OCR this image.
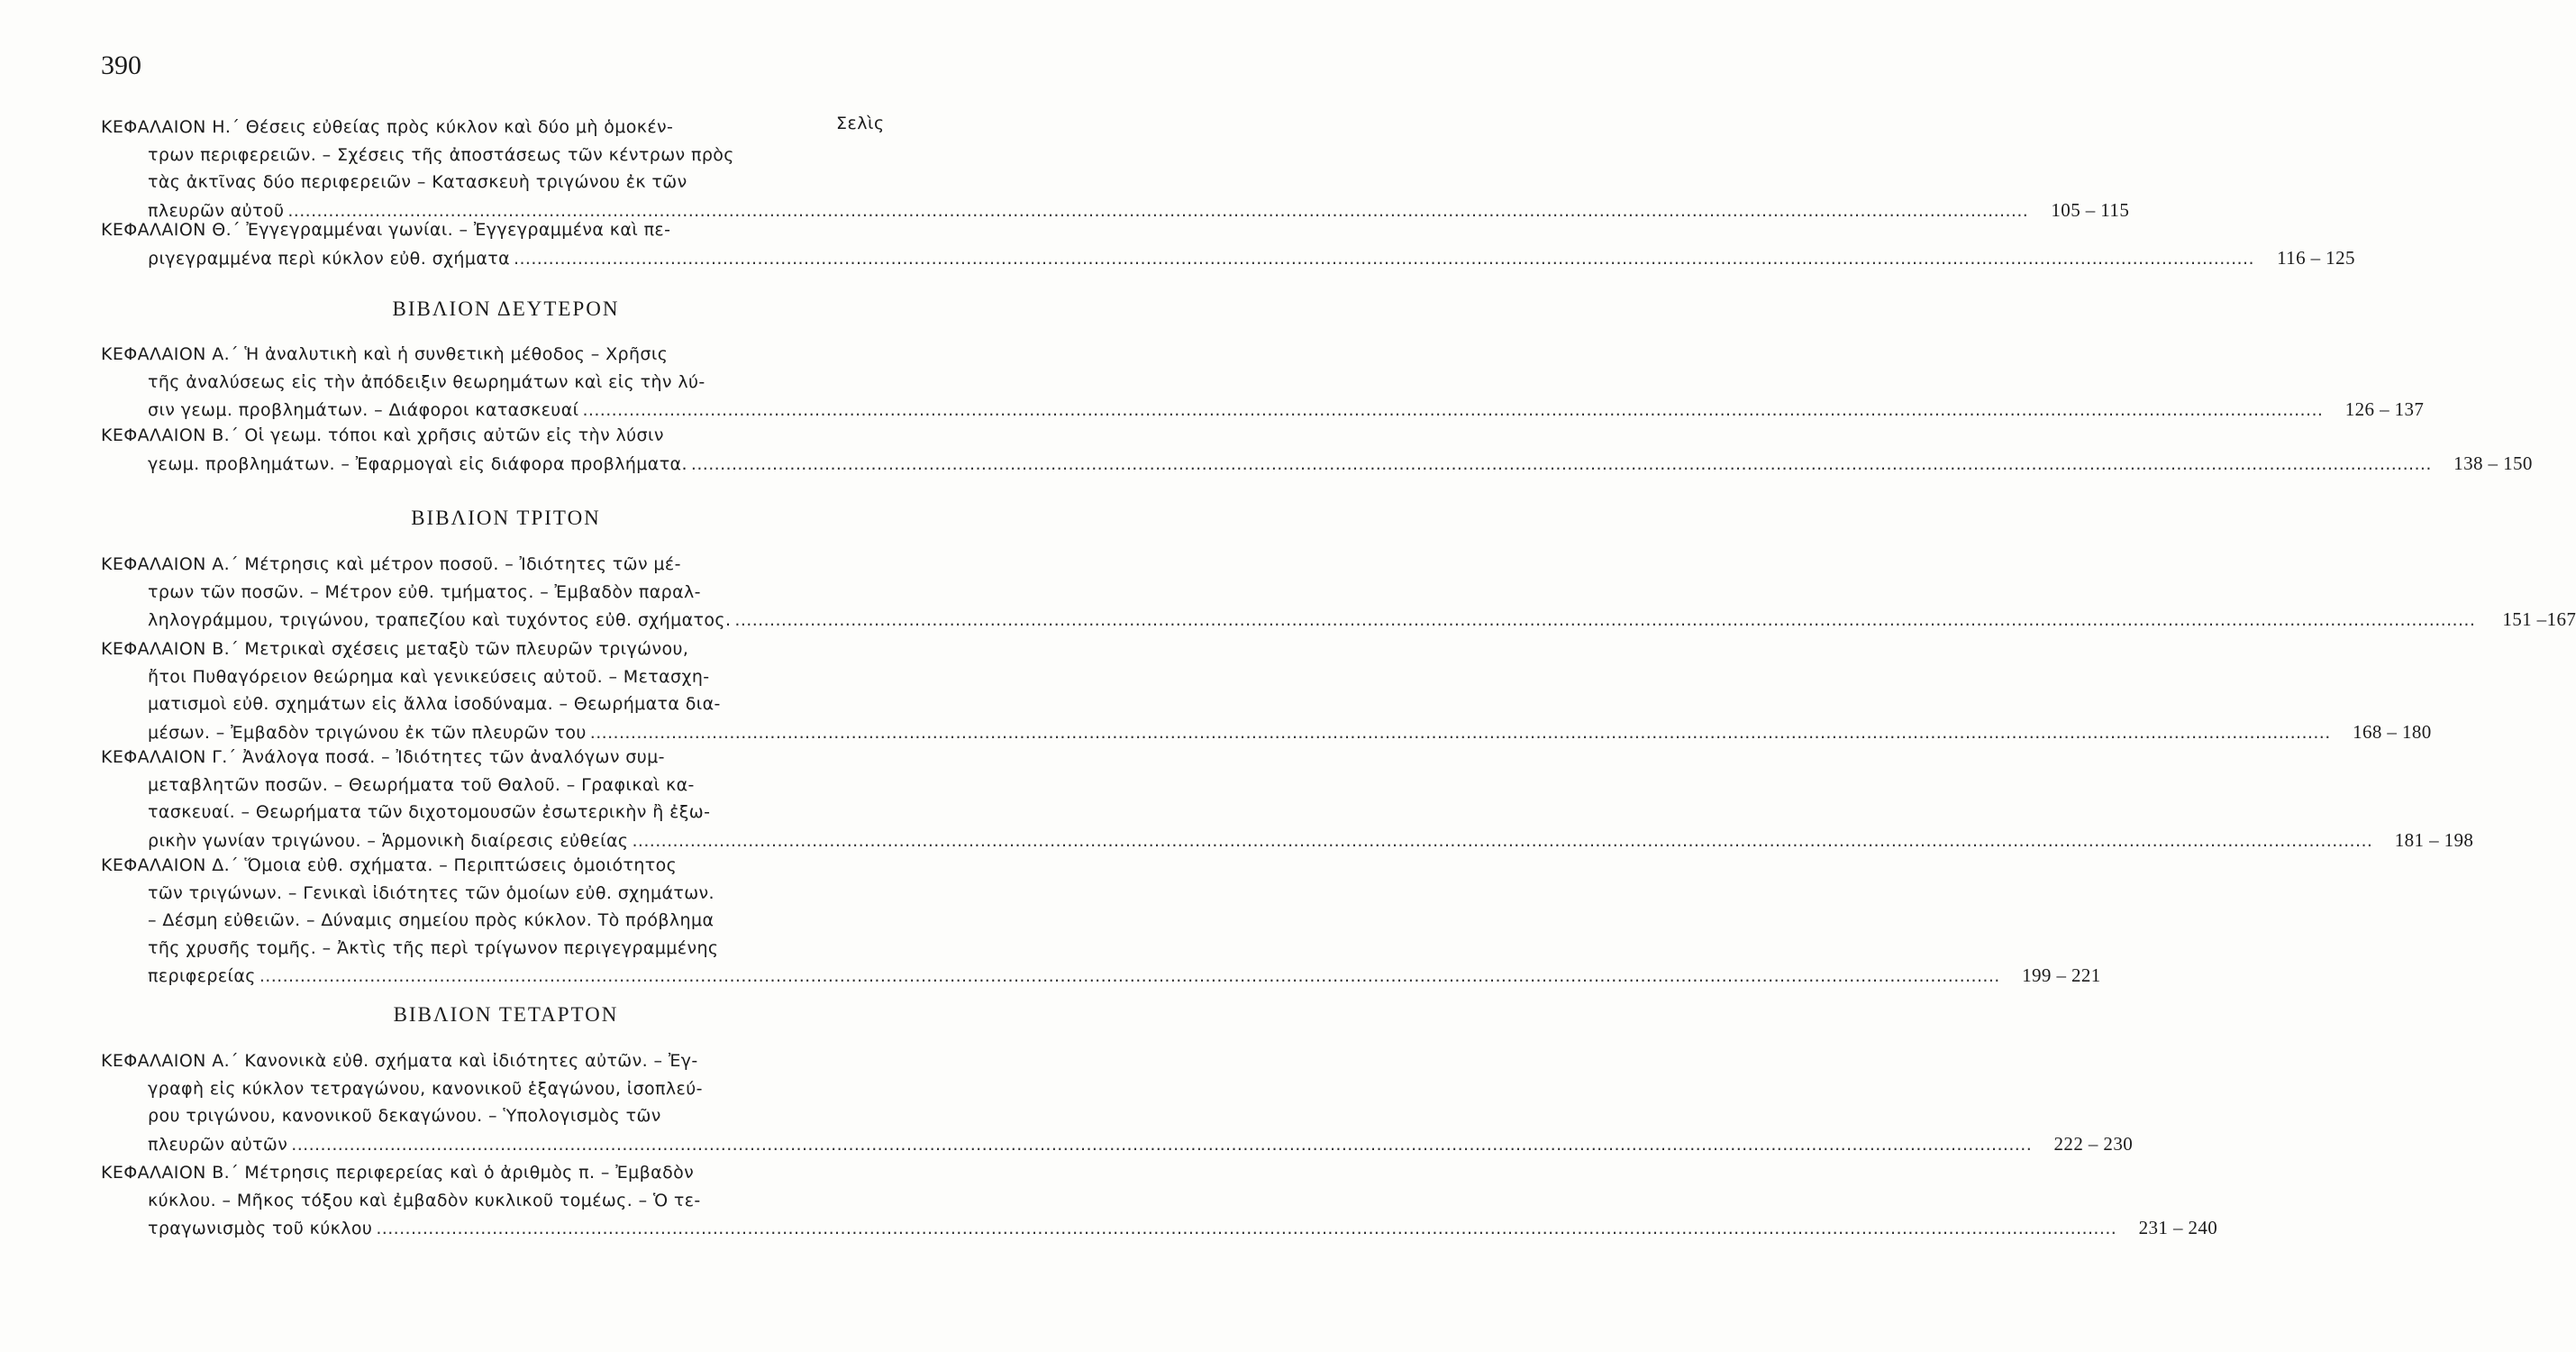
390
Σελὶς
ΚΕΦΑΛΑΙΟΝ Η.΄ Θέσεις εὐθείας πρὸς κύκλον καὶ δύο μὴ ὁμοκέν-
τρων περιφερειῶν. – Σχέσεις τῆς ἀποστάσεως τῶν κέντρων πρὸς
τὰς ἀκτῖνας δύο περιφερειῶν – Κατασκευὴ τριγώνου ἐκ τῶν
πλευρῶν αὐτοῦ ............................................................................................................................................................................................................................................................................................................	105 – 115
ΚΕΦΑΛΑΙΟΝ Θ.΄ Ἐγγεγραμμέναι γωνίαι. – Ἐγγεγραμμένα καὶ πε-
ριγεγραμμένα περὶ κύκλον εὐθ. σχήματα ............................................................................................................................................................................................................................................................................................................	116 – 125
ΒΙΒΛΙΟΝ ΔΕΥΤΕΡΟΝ
ΚΕΦΑΛΑΙΟΝ Α.΄ Ἡ ἀναλυτικὴ καὶ ἡ συνθετικὴ μέθοδος – Χρῆσις
τῆς ἀναλύσεως εἰς τὴν ἀπόδειξιν θεωρημάτων καὶ εἰς τὴν λύ-
σιν γεωμ. προβλημάτων. – Διάφοροι κατασκευαί ............................................................................................................................................................................................................................................................................................................	126 – 137
ΚΕΦΑΛΑΙΟΝ Β.΄ Οἱ γεωμ. τόποι καὶ χρῆσις αὐτῶν εἰς τὴν λύσιν
γεωμ. προβλημάτων. – Ἐφαρμογαὶ εἰς διάφορα προβλήματα. ............................................................................................................................................................................................................................................................................................................	138 – 150
ΒΙΒΛΙΟΝ ΤΡΙΤΟΝ
ΚΕΦΑΛΑΙΟΝ Α.΄ Μέτρησις καὶ μέτρον ποσοῦ. – Ἰδιότητες τῶν μέ-
τρων τῶν ποσῶν. – Μέτρον εὐθ. τμήματος. – Ἐμβαδὸν παραλ-
ληλογράμμου, τριγώνου, τραπεζίου καὶ τυχόντος εὐθ. σχήματος. ............................................................................................................................................................................................................................................................................................................	151 –167
ΚΕΦΑΛΑΙΟΝ Β.΄ Μετρικαὶ σχέσεις μεταξὺ τῶν πλευρῶν τριγώνου,
ἤτοι Πυθαγόρειον θεώρημα καὶ γενικεύσεις αὐτοῦ. – Μετασχη-
ματισμοὶ εὐθ. σχημάτων εἰς ἄλλα ἰσοδύναμα. – Θεωρήματα δια-
μέσων. – Ἐμβαδὸν τριγώνου ἐκ τῶν πλευρῶν του ............................................................................................................................................................................................................................................................................................................	168 – 180
ΚΕΦΑΛΑΙΟΝ Γ.΄ Ἀνάλογα ποσά. – Ἰδιότητες τῶν ἀναλόγων συμ-
μεταβλητῶν ποσῶν. – Θεωρήματα τοῦ Θαλοῦ. – Γραφικαὶ κα-
τασκευαί. – Θεωρήματα τῶν διχοτομουσῶν ἐσωτερικὴν ἢ ἐξω-
ρικὴν γωνίαν τριγώνου. – Ἁρμονικὴ διαίρεσις εὐθείας ............................................................................................................................................................................................................................................................................................................	181 – 198
ΚΕΦΑΛΑΙΟΝ Δ.΄ Ὅμοια εὐθ. σχήματα. – Περιπτώσεις ὁμοιότητος
τῶν τριγώνων. – Γενικαὶ ἰδιότητες τῶν ὁμοίων εὐθ. σχημάτων.
– Δέσμη εὐθειῶν. – Δύναμις σημείου πρὸς κύκλον. Τὸ πρόβλημα
τῆς χρυσῆς τομῆς. – Ἀκτὶς τῆς περὶ τρίγωνον περιγεγραμμένης
περιφερείας ............................................................................................................................................................................................................................................................................................................	199 – 221
ΒΙΒΛΙΟΝ ΤΕΤΑΡΤΟΝ
ΚΕΦΑΛΑΙΟΝ Α.΄ Κανονικὰ εὐθ. σχήματα καὶ ἰδιότητες αὐτῶν. – Ἐγ-
γραφὴ εἰς κύκλον τετραγώνου, κανονικοῦ ἑξαγώνου, ἰσοπλεύ-
ρου τριγώνου, κανονικοῦ δεκαγώνου. – Ὑπολογισμὸς τῶν
πλευρῶν αὐτῶν ............................................................................................................................................................................................................................................................................................................	222 – 230
ΚΕΦΑΛΑΙΟΝ Β.΄ Μέτρησις περιφερείας καὶ ὁ ἀριθμὸς π. – Ἐμβαδὸν
κύκλου. – Μῆκος τόξου καὶ ἐμβαδὸν κυκλικοῦ τομέως. – Ὁ τε-
τραγωνισμὸς τοῦ κύκλου ............................................................................................................................................................................................................................................................................................................	231 – 240
